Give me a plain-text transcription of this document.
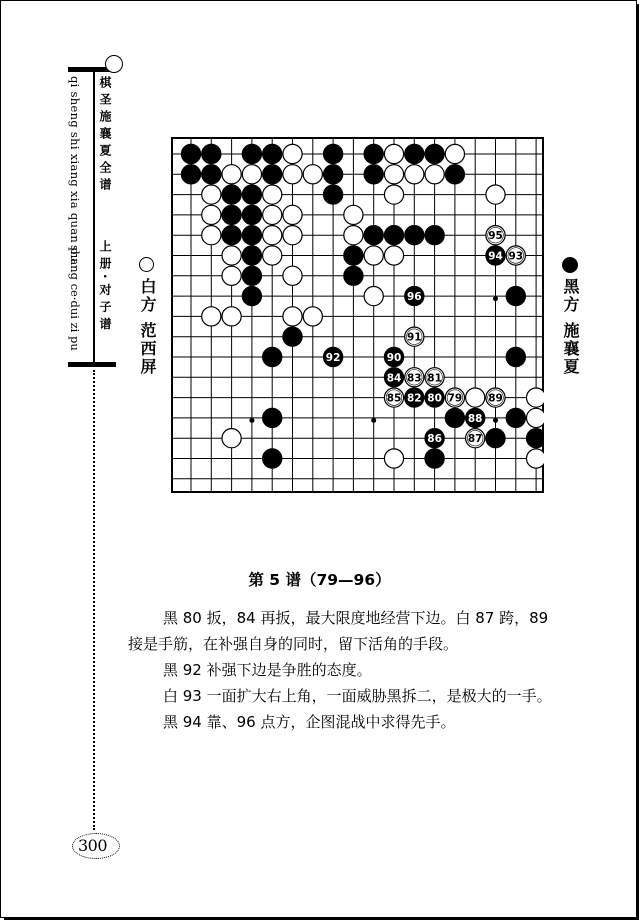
qi sheng shi xiang xia quan pu
shang ce·dui zi pu
棋圣施襄夏全谱
上册·对子谱 白方
范西屏
黑方
施襄夏
95
94 93
96
91
92	90
84 83 81
85 82 80 79 89
88
86 87
第 5 谱（79—96）
黑 80 扳，84 再扳，最大限度地经营下边。白 87 跨，89
接是手筋，在补强自身的同时，留下活角的手段。
黑 92 补强下边是争胜的态度。
白 93 一面扩大右上角，一面威胁黑拆二，是极大的一手。
黑 94 靠、96 点方，企图混战中求得先手。
300
